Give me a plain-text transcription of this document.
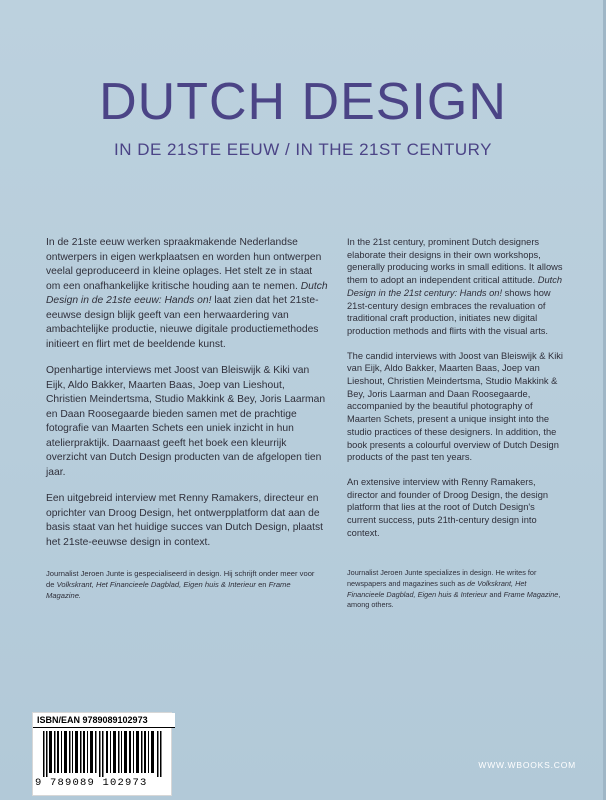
DUTCH DESIGN
IN DE 21STE EEUW / IN THE 21ST CENTURY

In de 21ste eeuw werken spraakmakende Nederlandse ontwerpers in eigen werkplaatsen en worden hun ontwerpen veelal geproduceerd in kleine oplages. Het stelt ze in staat om een onafhankelijke kritische houding aan te nemen. Dutch Design in de 21ste eeuw: Hands on! laat zien dat het 21ste-eeuwse design blijk geeft van een herwaardering van ambachtelijke productie, nieuwe digitale productiemethodes initieert en flirt met de beeldende kunst.

Openhartige interviews met Joost van Bleiswijk & Kiki van Eijk, Aldo Bakker, Maarten Baas, Joep van Lieshout, Christien Meindertsma, Studio Makkink & Bey, Joris Laarman en Daan Roosegaarde bieden samen met de prachtige fotografie van Maarten Schets een uniek inzicht in hun atelierpraktijk. Daarnaast geeft het boek een kleurrijk overzicht van Dutch Design producten van de afgelopen tien jaar.

Een uitgebreid interview met Renny Ramakers, directeur en oprichter van Droog Design, het ontwerpplatform dat aan de basis staat van het huidige succes van Dutch Design, plaatst het 21ste-eeuwse design in context.

Journalist Jeroen Junte is gespecialiseerd in design. Hij schrijft onder meer voor de Volkskrant, Het Financieele Dagblad, Eigen huis & Interieur en Frame Magazine.

In the 21st century, prominent Dutch designers elaborate their designs in their own workshops, generally producing works in small editions. It allows them to adopt an independent critical attitude. Dutch Design in the 21st century: Hands on! shows how 21st-century design embraces the revaluation of traditional craft production, initiates new digital production methods and flirts with the visual arts.

The candid interviews with Joost van Bleiswijk & Kiki van Eijk, Aldo Bakker, Maarten Baas, Joep van Lieshout, Christien Meindertsma, Studio Makkink & Bey, Joris Laarman and Daan Roosegaarde, accompanied by the beautiful photography of Maarten Schets, present a unique insight into the studio practices of these designers. In addition, the book presents a colourful overview of Dutch Design products of the past ten years.

An extensive interview with Renny Ramakers, director and founder of Droog Design, the design platform that lies at the root of Dutch Design's current success, puts 21th-century design into context.

Journalist Jeroen Junte specializes in design. He writes for newspapers and magazines such as de Volkskrant, Het Financieele Dagblad, Eigen huis & Interieur and Frame Magazine, among others.
ISBN/EAN 9789089102973
9 789089 102973
WWW.WBOOKS.COM
